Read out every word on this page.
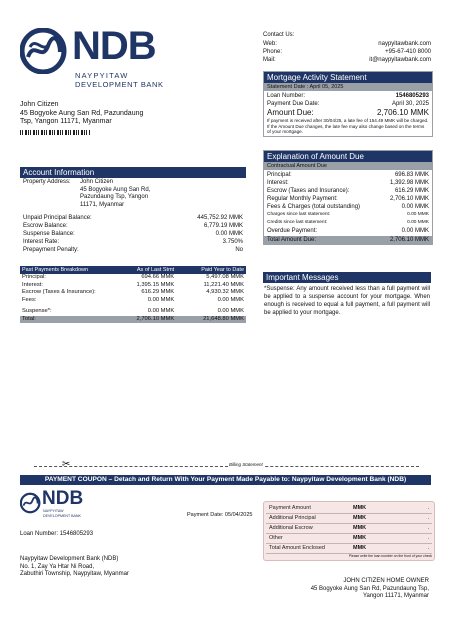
NDB
NAYPYITAW
DEVELOPMENT BANK
Contact Us:
Web:	naypyitawbank.com
Phone:	+95-67-410 8000
Mail:	it@naypyitawbank.com
John Citizen
45 Bogyoke Aung San Rd, Pazundaung
Tsp, Yangon 11171, Myanmar
Mortgage Activity Statement
Statement Date : April 05, 2025
Loan Number:	1546805293
Payment Due Date:	April 30, 2025
Amount Due:	2,706.10 MMK
If payment is received after 30/04/25, a late fee of 154.49 MMK will be charged. If the Amount Due changes, the late fee may also change based on the terms of your mortgage.
Account Information
Property Address:	John Citizen
45 Bogyoke Aung San Rd,
Pazundaung Tsp, Yangon
11171, Myanmar
Unpaid Principal Balance:	445,752.92 MMK
Escrow Balance:	6,779.19 MMK
Suspense Balance:	0.00 MMK
Interest Rate:	3.750%
Prepayment Penalty:	No
Explanation of Amount Due
Contractual Amount Due
Principal:	696.83 MMK
Interest:	1,392.98 MMK
Escrow (Taxes and Insurance):	616.29 MMK
Regular Monthly Payment:	2,706.10 MMK
Fees & Charges (total outstanding)	0.00 MMK
Charges since last statement:	0.00 MMK
Credits since last statement:	0.00 MMK
Overdue Payment:	0.00 MMK
Total Amount Due:	2,706.10 MMK
Past Payments Breakdown	As of Last Stmt	Paid Year to Date
Principal:	694.66 MMK	5,497.08 MMK
Interest:	1,395.15 MMK	11,221.40 MMK
Escrow (Taxes & Insurance):	616.29 MMK	4,930.32 MMK
Fees:	0.00 MMK	0.00 MMK
Suspense*:	0.00 MMK	0.00 MMK
Total:	2,706.10 MMK	21,648.80 MMK
Important Messages
*Suspense: Any amount received less than a full payment will be applied to a suspense account for your mortgage. When enough is received to equal a full payment, a full payment will be applied to your mortgage.
✂	Billing Statement
PAYMENT COUPON – Detach and Return With Your Payment Made Payable to: Naypyitaw Development Bank (NDB)
NDB
NAYPYITAW
DEVELOPMENT BANK	Payment Date: 05/04/2025
Loan Number: 1546805293
Payment Amount	MMK	.
Additional Principal	MMK	.
Additional Escrow	MMK	.
Other	MMK	.
Total Amount Enclosed	MMK	.
Please write the loan number on the front of your check
Naypyitaw Development Bank (NDB)
No. 1, Zay Ya Htar Ni Road,
Zabuthiri Township, Naypyitaw, Myanmar
JOHN CITIZEN HOME OWNER
45 Bogyoke Aung San Rd, Pazundaung Tsp,
Yangon 11171, Myanmar
